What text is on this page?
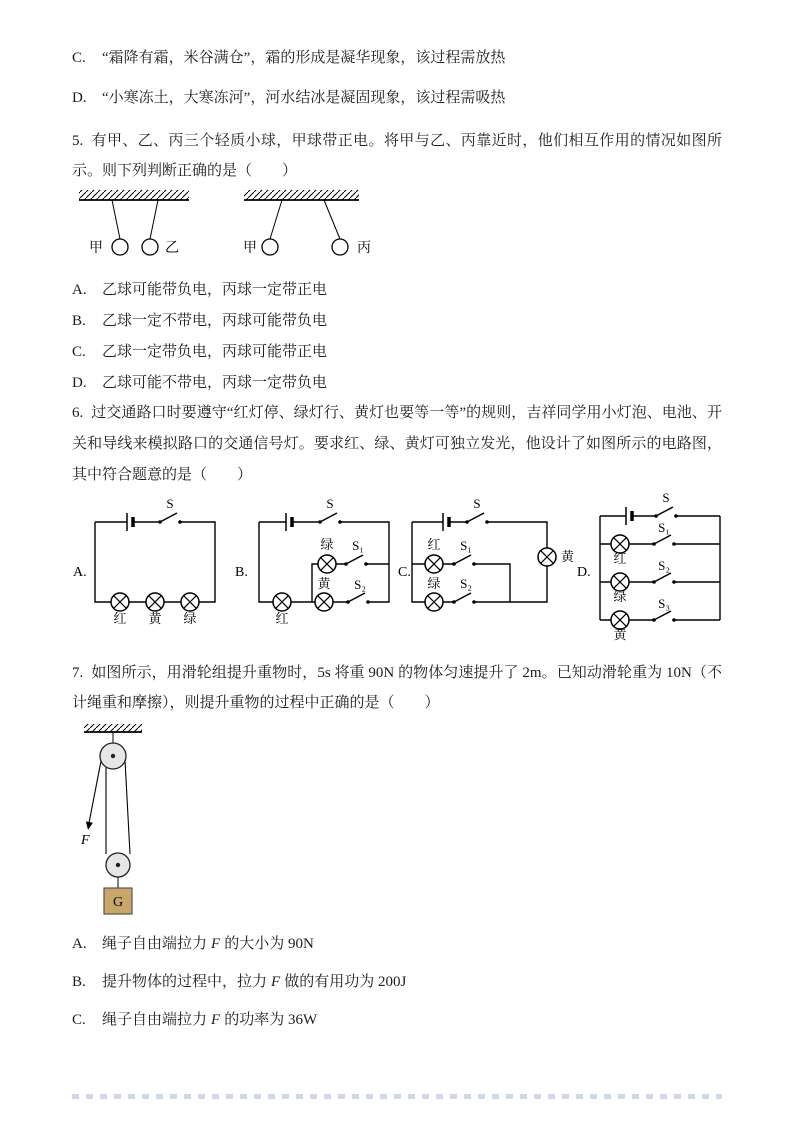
C.	“霜降有霜，米谷满仓”，霜的形成是凝华现象，该过程需放热
D.	“小寒冻土，大寒冻河”，河水结冰是凝固现象，该过程需吸热
5. 有甲、乙、丙三个轻质小球，甲球带正电。将甲与乙、丙靠近时，他们相互作用的情况如图所示。则下列判断正确的是（　　）
甲	乙	甲	丙
A.	乙球可能带负电，丙球一定带正电
B.	乙球一定不带电，丙球可能带负电
C.	乙球一定带负电，丙球可能带正电
D.	乙球可能不带电，丙球一定带负电
6. 过交通路口时要遵守“红灯停、绿灯行、黄灯也要等一等”的规则，吉祥同学用小灯泡、电池、开关和导线来模拟路口的交通信号灯。要求红、绿、黄灯可独立发光，他设计了如图所示的电路图，其中符合题意的是（　　）
A.
S
红 黄 绿
B.
S
红
绿 S₁
黄 S₂
C.
S
红 S₁
绿 S₂
黄
D.
S
S₁
红 S₂
绿 S₃
黄
7. 如图所示，用滑轮组提升重物时，5s 将重 90N 的物体匀速提升了 2m。已知动滑轮重为 10N（不计绳重和摩擦），则提升重物的过程中正确的是（　　）
G
F
A.	绳子自由端拉力 F 的大小为 90N
B.	提升物体的过程中，拉力 F 做的有用功为 200J
C.	绳子自由端拉力 F 的功率为 36W
